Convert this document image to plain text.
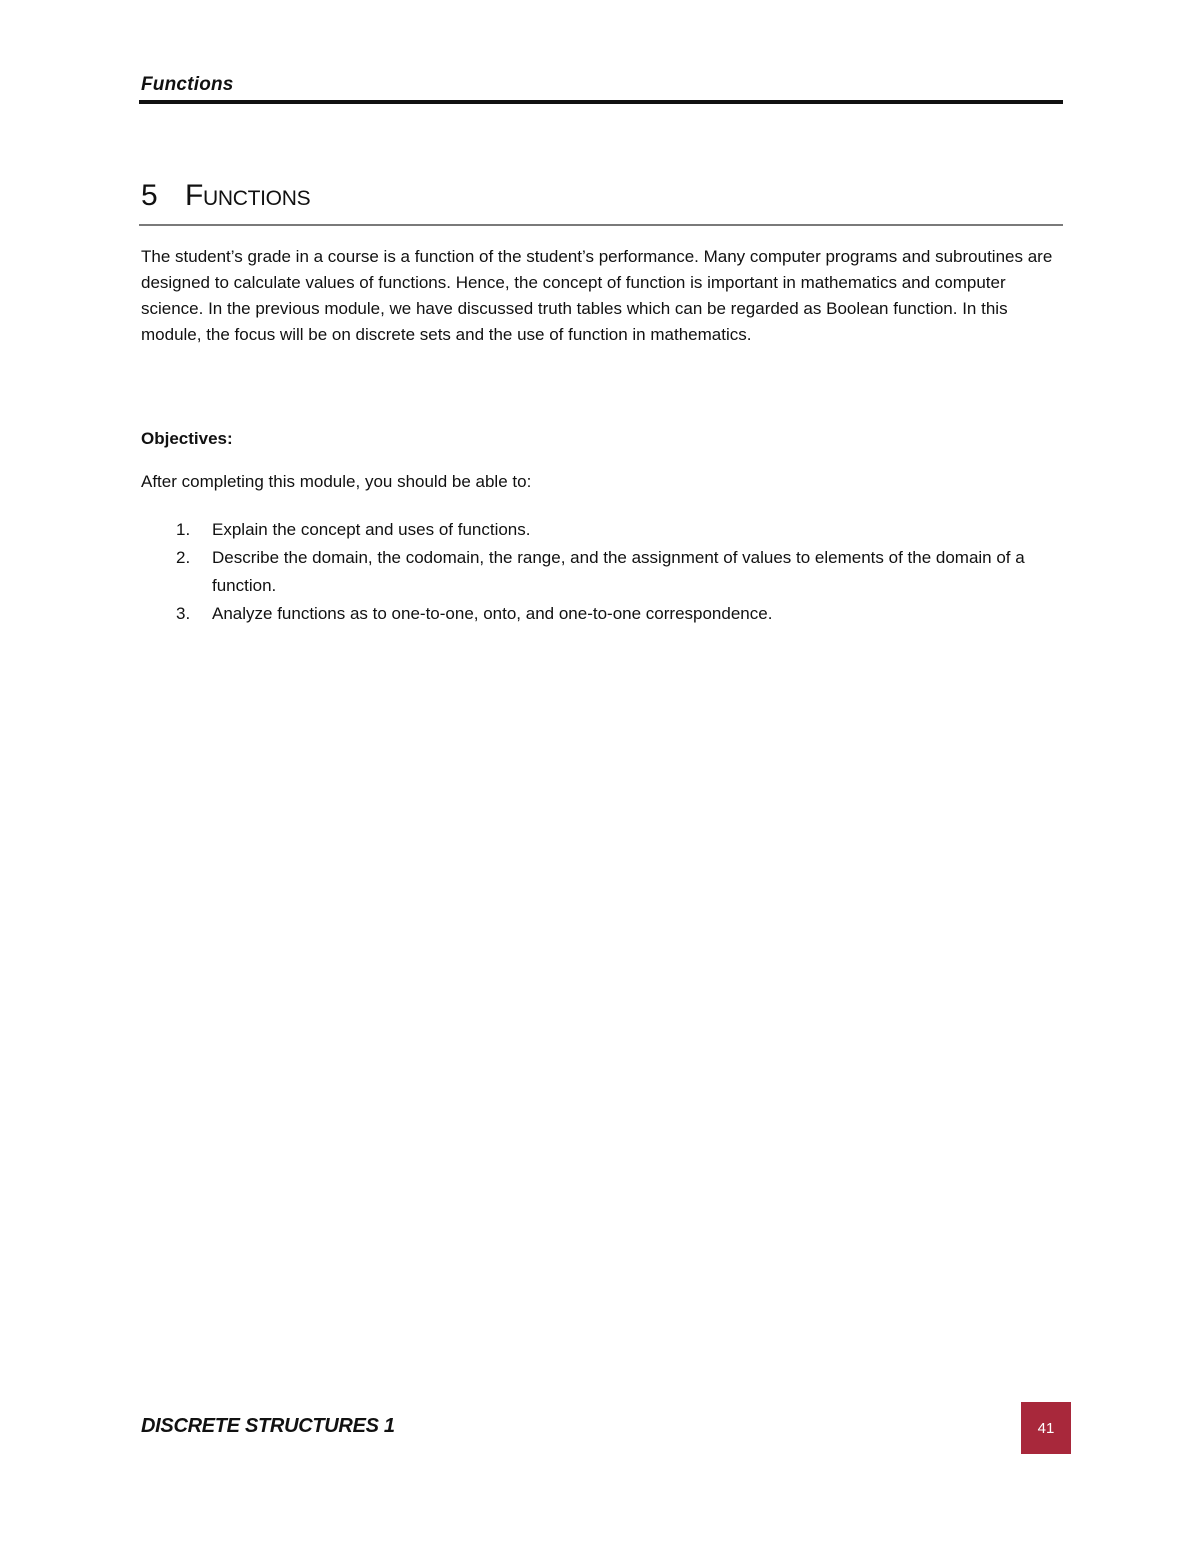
Functions
5 Functions

The student’s grade in a course is a function of the student’s performance. Many computer programs and subroutines are designed to calculate values of functions. Hence, the concept of function is important in mathematics and computer science. In the previous module, we have discussed truth tables which can be regarded as Boolean function. In this module, the focus will be on discrete sets and the use of function in mathematics.

Objectives:

After completing this module, you should be able to:

1.	Explain the concept and uses of functions.
2.	Describe the domain, the codomain, the range, and the assignment of values to elements of the domain of a function.
3.	Analyze functions as to one-to-one, onto, and one-to-one correspondence.
DISCRETE STRUCTURES 1	41
